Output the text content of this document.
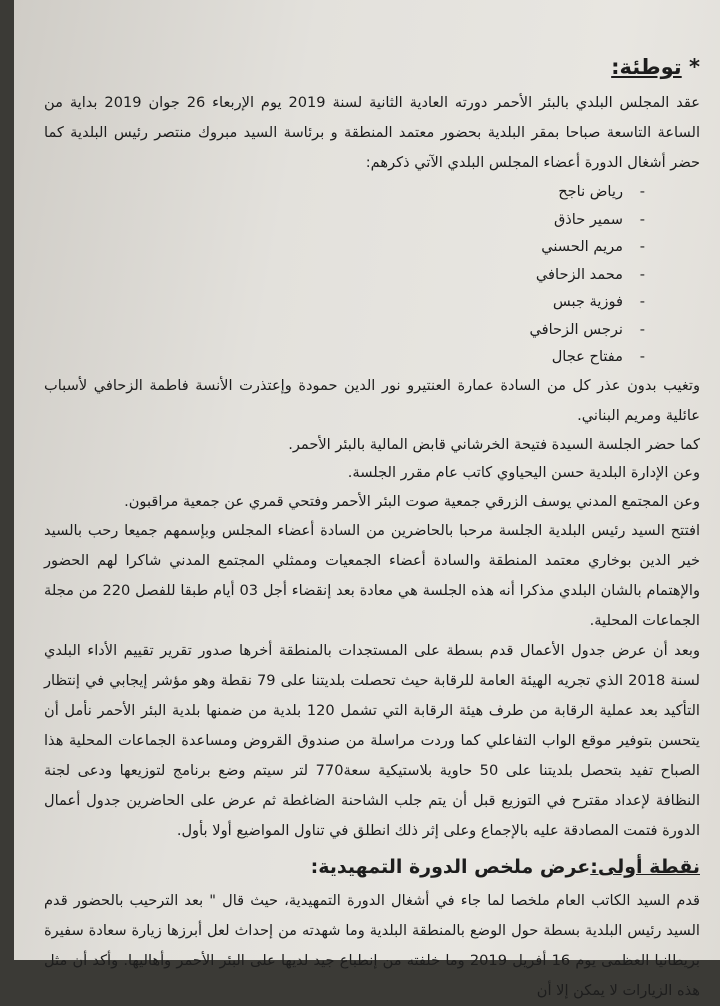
* توطئة:

عقد المجلس البلدي بالبئر الأحمر دورته العادية الثانية لسنة 2019 يوم الإربعاء 26 جوان 2019 بداية من الساعة التاسعة صباحا بمقر البلدية بحضور معتمد المنطقة و برئاسة السيد مبروك منتصر رئيس البلدية كما حضر أشغال الدورة أعضاء المجلس البلدي الآتي ذكرهم:

-رياض ناجح
-سمير حاذق
-مريم الحسني
-محمد الزحافي
-فوزية جبس
-نرجس الزحافي
-مفتاح عجال

وتغيب بدون عذر كل من السادة عمارة العنتيرو نور الدين حمودة وإعتذرت الأنسة فاطمة الزحافي لأسباب عائلية ومريم البناني.

كما حضر الجلسة السيدة فتيحة الخرشاني قابض المالية بالبئر الأحمر.

وعن الإدارة البلدية حسن اليحياوي كاتب عام مقرر الجلسة.

وعن المجتمع المدني يوسف الزرقي جمعية صوت البئر الأحمر وفتحي قمري عن جمعية مراقبون.

افتتح السيد رئيس البلدية الجلسة مرحبا بالحاضرين من السادة أعضاء المجلس وبإسمهم جميعا رحب بالسيد خير الدين بوخاري معتمد المنطقة والسادة أعضاء الجمعيات وممثلي المجتمع المدني شاكرا لهم الحضور والإهتمام بالشان البلدي مذكرا أنه هذه الجلسة هي معادة بعد إنقضاء أجل 03 أيام طبقا للفصل 220 من مجلة الجماعات المحلية.

وبعد أن عرض جدول الأعمال قدم بسطة على المستجدات بالمنطقة أخرها صدور تقرير تقييم الأداء البلدي لسنة 2018 الذي تجريه الهيئة العامة للرقابة حيث تحصلت بلديتنا على 79 نقطة وهو مؤشر إيجابي في إنتظار التأكيد بعد عملية الرقابة من طرف هيئة الرقابة التي تشمل 120 بلدية من ضمنها بلدية البئر الأحمر نأمل أن يتحسن بتوفير موقع الواب التفاعلي كما وردت مراسلة من صندوق القروض ومساعدة الجماعات المحلية هذا الصباح تفيد بتحصل بلديتنا على 50 حاوية بلاستيكية سعة770 لتر سيتم وضع برنامج لتوزيعها ودعى لجنة النظافة لإعداد مقترح في التوزيع قبل أن يتم جلب الشاحنة الضاغطة ثم عرض على الحاضرين جدول أعمال الدورة فتمت المصادقة عليه بالإجماع وعلى إثر ذلك انطلق في تناول المواضيع أولا بأول.

نقطة أولى:عرض ملخص الدورة التمهيدية:

قدم السيد الكاتب العام ملخصا لما جاء في أشغال الدورة التمهيدية، حيث قال " بعد الترحيب بالحضور قدم السيد رئيس البلدية بسطة حول الوضع بالمنطقة البلدية وما شهدته من إحداث لعل أبرزها زيارة سعادة سفيرة بريطانيا العظمى يوم 16 أفريل 2019 وما خلفته من إنطباع جيد لديها على البئر الأحمر وأهاليها. وأكد أن مثل هذه الزيارات لا يمكن إلا أن
